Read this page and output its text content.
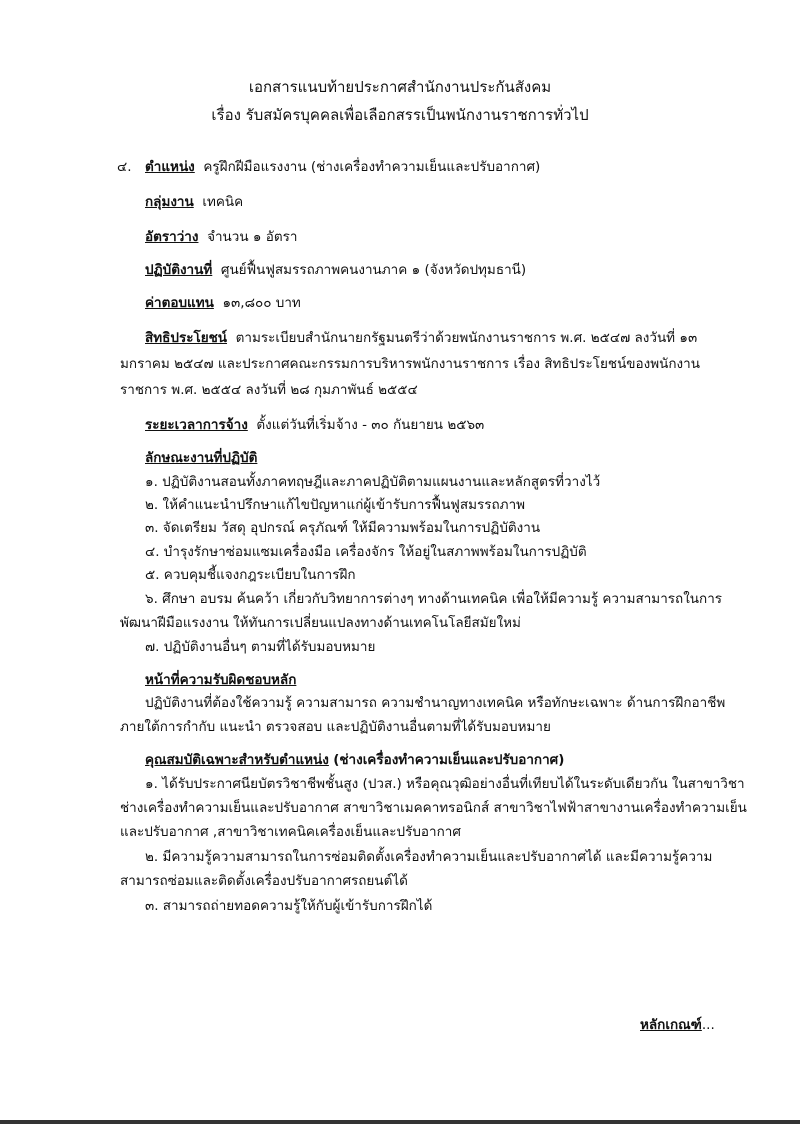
เอกสารแนบท้ายประกาศสำนักงานประกันสังคม
เรื่อง รับสมัครบุคคลเพื่อเลือกสรรเป็นพนักงานราชการทั่วไป
๔. ตำแหน่ง ครูฝึกฝีมือแรงงาน (ช่างเครื่องทำความเย็นและปรับอากาศ)
กลุ่มงาน เทคนิค
อัตราว่าง จำนวน ๑ อัตรา
ปฏิบัติงานที่ ศูนย์ฟื้นฟูสมรรถภาพคนงานภาค ๑ (จังหวัดปทุมธานี)
ค่าตอบแทน ๑๓,๘๐๐ บาท
สิทธิประโยชน์ ตามระเบียบสำนักนายกรัฐมนตรีว่าด้วยพนักงานราชการ พ.ศ. ๒๕๔๗ ลงวันที่ ๑๓
มกราคม ๒๕๔๗ และประกาศคณะกรรมการบริหารพนักงานราชการ เรื่อง สิทธิประโยชน์ของพนักงาน
ราชการ พ.ศ. ๒๕๕๔ ลงวันที่ ๒๘ กุมภาพันธ์ ๒๕๕๔
ระยะเวลาการจ้าง ตั้งแต่วันที่เริ่มจ้าง - ๓๐ กันยายน ๒๕๖๓
ลักษณะงานที่ปฏิบัติ
๑. ปฏิบัติงานสอนทั้งภาคทฤษฎีและภาคปฏิบัติตามแผนงานและหลักสูตรที่วางไว้
๒. ให้คำแนะนำปรึกษาแก้ไขปัญหาแก่ผู้เข้ารับการฟื้นฟูสมรรถภาพ
๓. จัดเตรียม วัสดุ อุปกรณ์ ครุภัณฑ์ ให้มีความพร้อมในการปฏิบัติงาน
๔. บำรุงรักษาซ่อมแซมเครื่องมือ เครื่องจักร ให้อยู่ในสภาพพร้อมในการปฏิบัติ
๕. ควบคุมชี้แจงกฎระเบียบในการฝึก
๖. ศึกษา อบรม ค้นคว้า เกี่ยวกับวิทยาการต่างๆ ทางด้านเทคนิค เพื่อให้มีความรู้ ความสามารถในการ
พัฒนาฝีมือแรงงาน ให้ทันการเปลี่ยนแปลงทางด้านเทคโนโลยีสมัยใหม่
๗. ปฏิบัติงานอื่นๆ ตามที่ได้รับมอบหมาย
หน้าที่ความรับผิดชอบหลัก
ปฏิบัติงานที่ต้องใช้ความรู้ ความสามารถ ความชำนาญทางเทคนิค หรือทักษะเฉพาะ ด้านการฝึกอาชีพ
ภายใต้การกำกับ แนะนำ ตรวจสอบ และปฏิบัติงานอื่นตามที่ได้รับมอบหมาย
คุณสมบัติเฉพาะสำหรับตำแหน่ง (ช่างเครื่องทำความเย็นและปรับอากาศ)
๑. ได้รับประกาศนียบัตรวิชาชีพชั้นสูง (ปวส.) หรือคุณวุฒิอย่างอื่นที่เทียบได้ในระดับเดียวกัน ในสาขาวิชา
ช่างเครื่องทำความเย็นและปรับอากาศ สาขาวิชาเมคคาทรอนิกส์ สาขาวิชาไฟฟ้าสาขางานเครื่องทำความเย็น
และปรับอากาศ ,สาขาวิชาเทคนิคเครื่องเย็นและปรับอากาศ
๒. มีความรู้ความสามารถในการซ่อมติดตั้งเครื่องทำความเย็นและปรับอากาศได้ และมีความรู้ความ
สามารถซ่อมและติดตั้งเครื่องปรับอากาศรถยนต์ได้
๓. สามารถถ่ายทอดความรู้ให้กับผู้เข้ารับการฝึกได้
หลักเกณฑ์...
